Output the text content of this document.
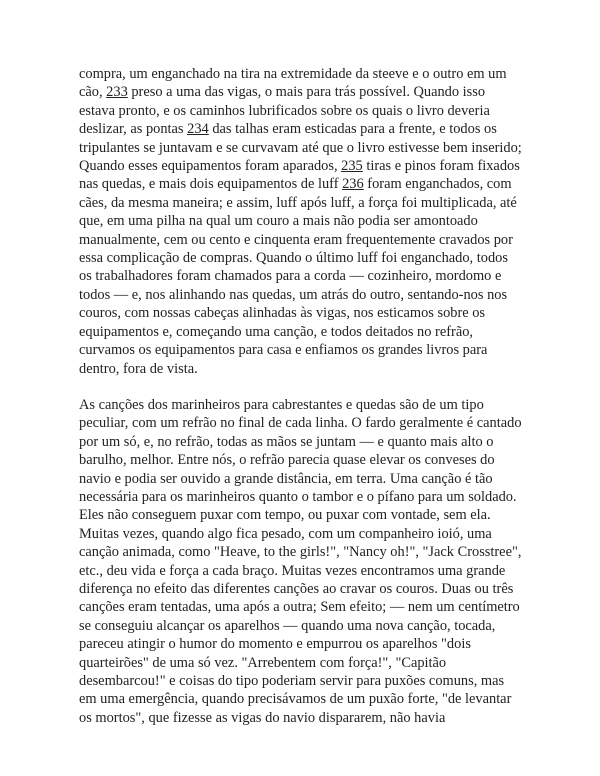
compra, um enganchado na tira na extremidade da steeve e o outro em um cão, 233 preso a uma das vigas, o mais para trás possível. Quando isso estava pronto, e os caminhos lubrificados sobre os quais o livro deveria deslizar, as pontas 234 das talhas eram esticadas para a frente, e todos os tripulantes se juntavam e se curvavam até que o livro estivesse bem inserido; Quando esses equipamentos foram aparados, 235 tiras e pinos foram fixados nas quedas, e mais dois equipamentos de luff 236 foram enganchados, com cães, da mesma maneira; e assim, luff após luff, a força foi multiplicada, até que, em uma pilha na qual um couro a mais não podia ser amontoado manualmente, cem ou cento e cinquenta eram frequentemente cravados por essa complicação de compras. Quando o último luff foi enganchado, todos os trabalhadores foram chamados para a corda — cozinheiro, mordomo e todos — e, nos alinhando nas quedas, um atrás do outro, sentando-nos nos couros, com nossas cabeças alinhadas às vigas, nos esticamos sobre os equipamentos e, começando uma canção, e todos deitados no refrão, curvamos os equipamentos para casa e enfiamos os grandes livros para dentro, fora de vista.

As canções dos marinheiros para cabrestantes e quedas são de um tipo peculiar, com um refrão no final de cada linha. O fardo geralmente é cantado por um só, e, no refrão, todas as mãos se juntam — e quanto mais alto o barulho, melhor. Entre nós, o refrão parecia quase elevar os conveses do navio e podia ser ouvido a grande distância, em terra. Uma canção é tão necessária para os marinheiros quanto o tambor e o pífano para um soldado. Eles não conseguem puxar com tempo, ou puxar com vontade, sem ela. Muitas vezes, quando algo fica pesado, com um companheiro ioió, uma canção animada, como "Heave, to the girls!", "Nancy oh!", "Jack Crosstree", etc., deu vida e força a cada braço. Muitas vezes encontramos uma grande diferença no efeito das diferentes canções ao cravar os couros. Duas ou três canções eram tentadas, uma após a outra; Sem efeito; — nem um centímetro se conseguiu alcançar os aparelhos — quando uma nova canção, tocada, pareceu atingir o humor do momento e empurrou os aparelhos "dois quarteirões" de uma só vez. "Arrebentem com força!", "Capitão desembarcou!" e coisas do tipo poderiam servir para puxões comuns, mas em uma emergência, quando precisávamos de um puxão forte, "de levantar os mortos", que fizesse as vigas do navio dispararem, não havia
